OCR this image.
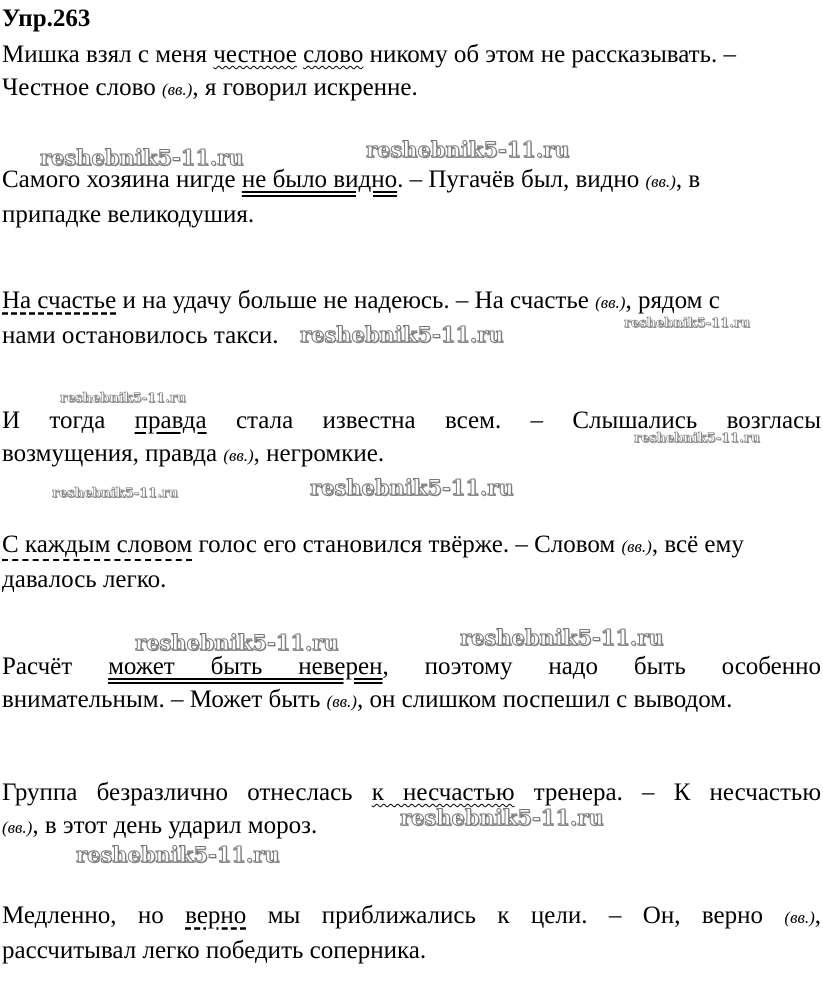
Упр.263
Мишка взял с меня честное слово никому об этом не рассказывать. –
Честное слово (вв.), я говорил искренне.
Самого хозяина нигде не было видно. – Пугачёв был, видно (вв.), в
припадке великодушия.
На счастье и на удачу больше не надеюсь. – На счастье (вв.), рядом с
нами остановилось такси.
И тогда правда стала известна всем. – Слышались возгласы
возмущения, правда (вв.), негромкие.
С каждым словом голос его становился твёрже. – Словом (вв.), всё ему
давалось легко.
Расчёт может быть неверен, поэтому надо быть особенно
внимательным. – Может быть (вв.), он слишком поспешил с выводом.
Группа безразлично отнеслась к несчастью тренера. – К несчастью
(вв.), в этот день ударил мороз.
Медленно, но верно мы приближались к цели. – Он, верно (вв.),
рассчитывал легко победить соперника.
reshebnik5-11.ru	reshebnik5-11.ru
reshebnik5-11.ru	reshebnik5-11.ru
reshebnik5-11.ru
reshebnik5-11.ru
reshebnik5-11.ru
reshebnik5-11.ru
reshebnik5-11.ru	reshebnik5-11.ru
reshebnik5-11.ru
reshebnik5-11.ru
